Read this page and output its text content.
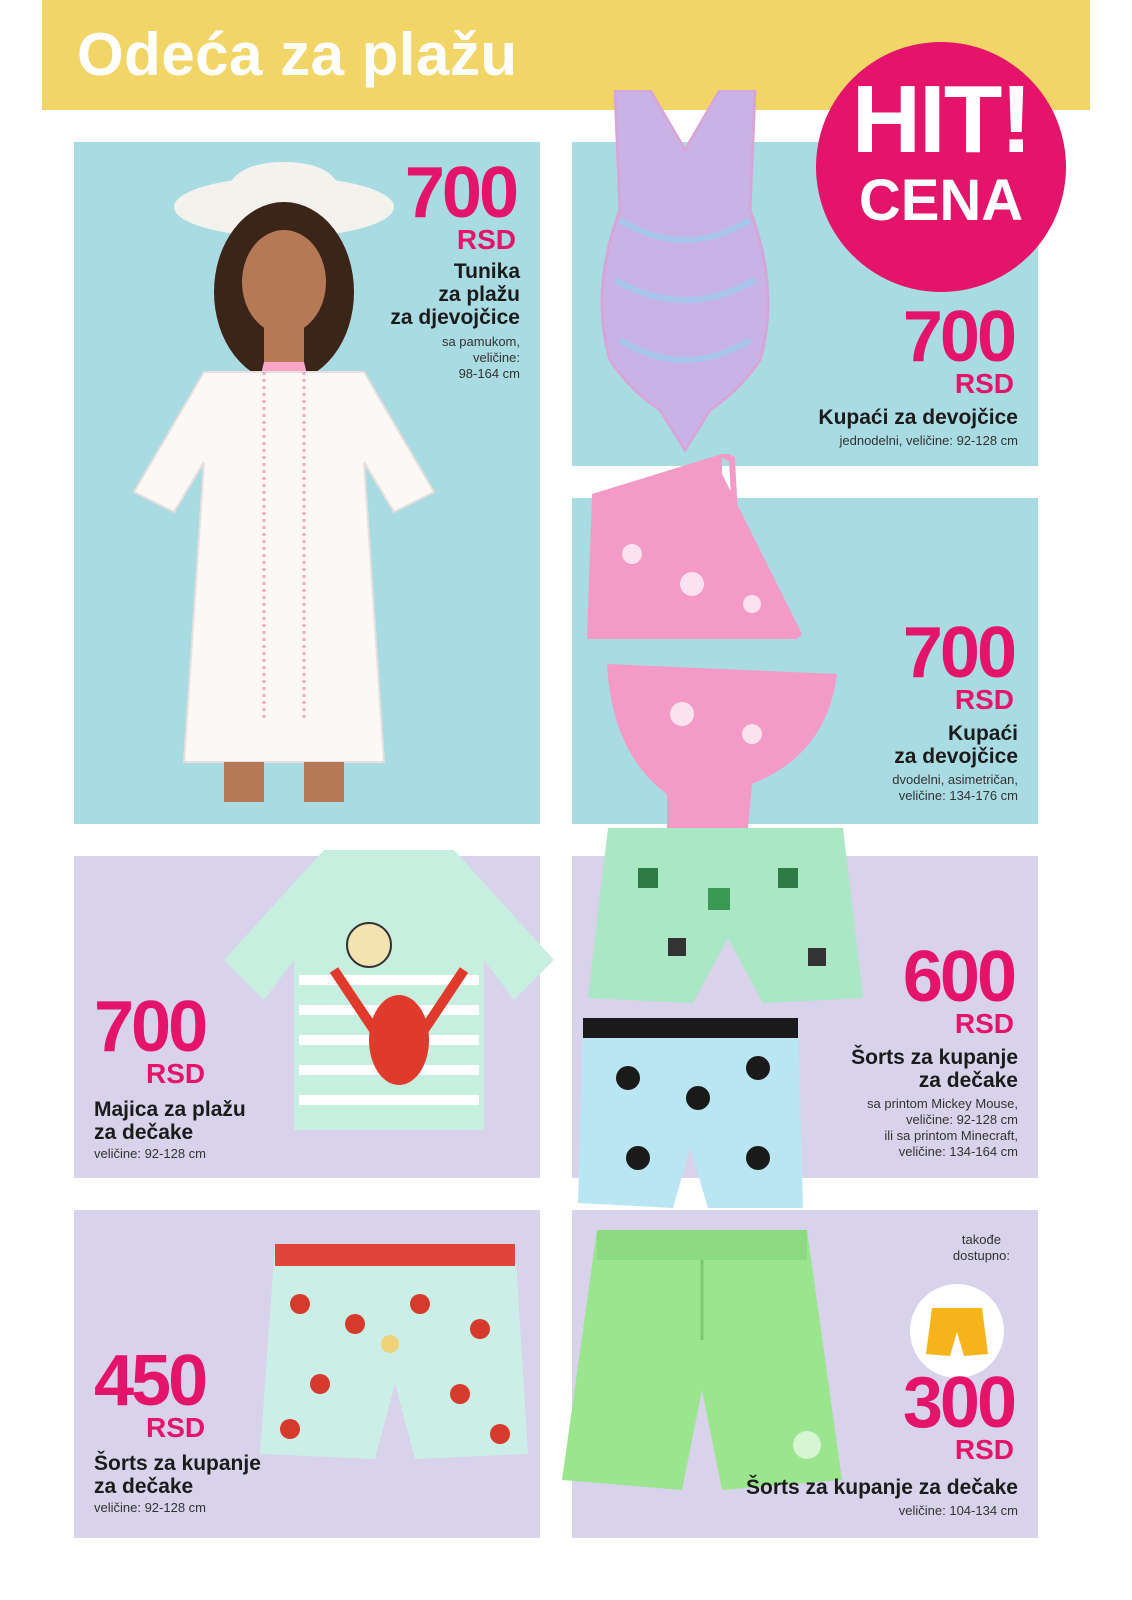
Odeća za plažu
HIT!
CENA
700
RSD
Tunika
za plažu
za djevojčice
sa pamukom,
veličine:
98-164 cm	700
RSD
Kupaći za devojčice
jednodelni, veličine: 92-128 cm
700
RSD
Kupaći
za devojčice
dvodelni, asimetričan,
veličine: 134-176 cm
700
RSD
Majica za plažu
za dečake
veličine: 92-128 cm
600
RSD
Šorts za kupanje
za dečake
sa printom Mickey Mouse,
veličine: 92-128 cm
ili sa printom Minecraft,
veličine: 134-164 cm
450
RSD
Šorts za kupanje
za dečake
veličine: 92-128 cm
takođe
dostupno:
300
RSD
Šorts za kupanje za dečake
veličine: 104-134 cm
